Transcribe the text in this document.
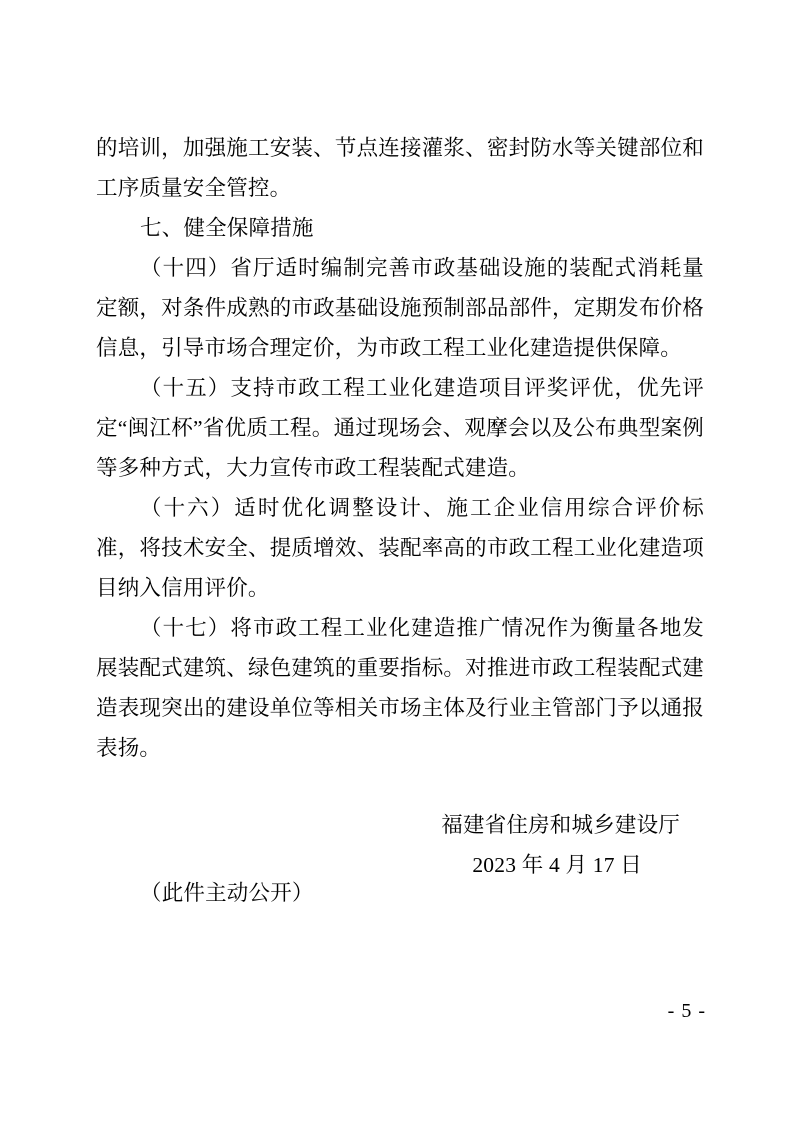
的培训，加强施工安装、节点连接灌浆、密封防水等关键部位和工序质量安全管控。

七、健全保障措施

（十四）省厅适时编制完善市政基础设施的装配式消耗量定额，对条件成熟的市政基础设施预制部品部件，定期发布价格信息，引导市场合理定价，为市政工程工业化建造提供保障。

（十五）支持市政工程工业化建造项目评奖评优，优先评定“闽江杯”省优质工程。通过现场会、观摩会以及公布典型案例等多种方式，大力宣传市政工程装配式建造。

（十六）适时优化调整设计、施工企业信用综合评价标准，将技术安全、提质增效、装配率高的市政工程工业化建造项目纳入信用评价。

（十七）将市政工程工业化建造推广情况作为衡量各地发展装配式建筑、绿色建筑的重要指标。对推进市政工程装配式建造表现突出的建设单位等相关市场主体及行业主管部门予以通报表扬。

福建省住房和城乡建设厅
2023 年 4 月 17 日
（此件主动公开）
- 5 -
